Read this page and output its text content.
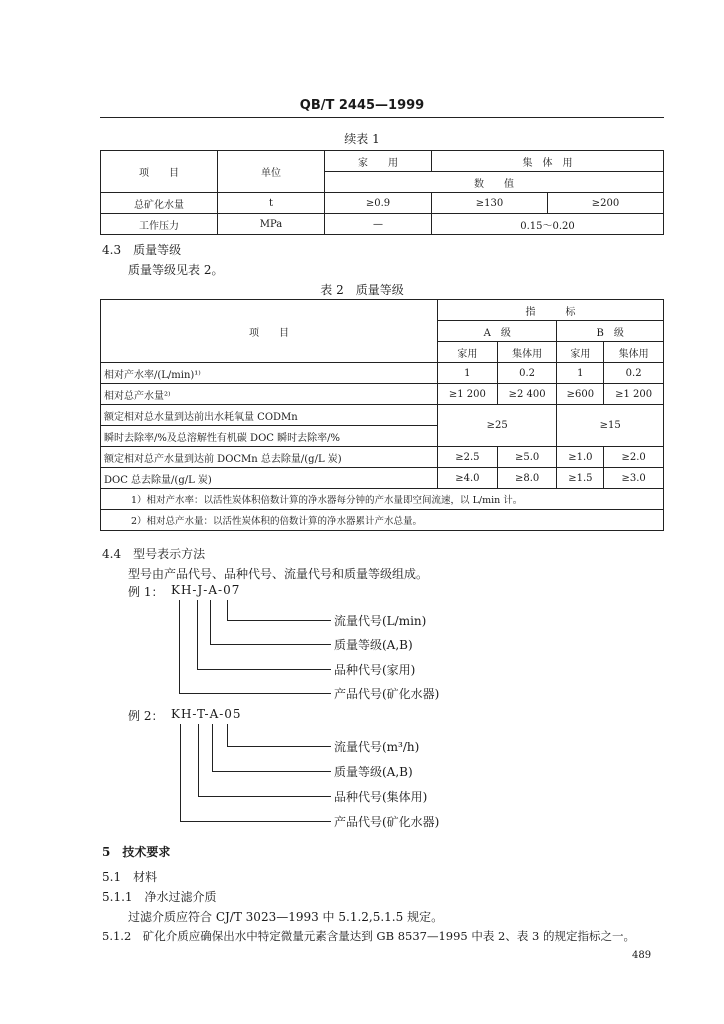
QB/T 2445—1999
续表 1
项　　目	单位	家　　用	集　体　用	
		数　　值		
总矿化水量	t	≥0.9	≥130	≥200
工作压力	MPa	—	0.15～0.20	
4.3　质量等级
质量等级见表 2。
表 2　质量等级
项　　目	指　　　标			
	A　级		B　级	
	家用	集体用	家用	集体用
相对产水率/(L/min)¹⁾	1	0.2	1	0.2
相对总产水量²⁾	≥1 200	≥2 400	≥600	≥1 200
额定相对总水量到达前出水耗氧量 CODMn	≥25		≥15	
瞬时去除率/%及总溶解性有机碳 DOC 瞬时去除率/%				
额定相对总产水量到达前 DOCMn 总去除量/(g/L 炭)	≥2.5	≥5.0	≥1.0	≥2.0
DOC 总去除量/(g/L 炭)	≥4.0	≥8.0	≥1.5	≥3.0
1）相对产水率：以活性炭体积倍数计算的净水器每分钟的产水量即空间流速，以 L/min 计。				
2）相对总产水量：以活性炭体积的倍数计算的净水器累计产水总量。				
4.4　型号表示方法
型号由产品代号、品种代号、流量代号和质量等级组成。
例 1： KH-J-A-07
流量代号(L/min)
质量等级(A,B)
品种代号(家用)
产品代号(矿化水器)
例 2： KH-T-A-05
流量代号(m³/h)
质量等级(A,B)
品种代号(集体用)
产品代号(矿化水器)
5　技术要求
5.1　材料
5.1.1　净水过滤介质
过滤介质应符合 CJ/T 3023—1993 中 5.1.2,5.1.5 规定。
5.1.2　矿化介质应确保出水中特定微量元素含量达到 GB 8537—1995 中表 2、表 3 的规定指标之一。
489
